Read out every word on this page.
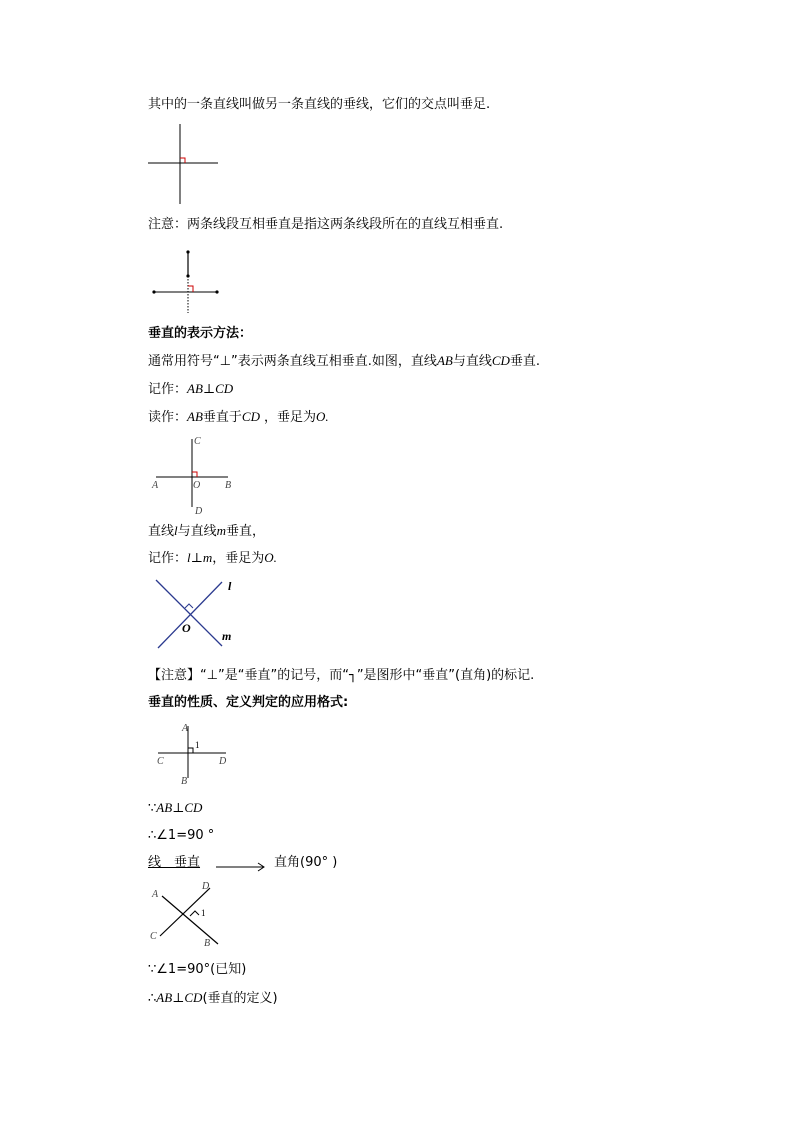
其中的一条直线叫做另一条直线的垂线，它们的交点叫垂足.
注意：两条线段互相垂直是指这两条线段所在的直线互相垂直.
垂直的表示方法：
通常用符号“⊥”表示两条直线互相垂直.如图，直线AB与直线CD垂直.
记作：AB⊥CD
读作：AB垂直于CD ，垂足为O.
C
A	O B
D
直线l与直线m垂直，
记作：l⊥m，垂足为O.
l
O
m
【注意】“⊥”是“垂直”的记号，而“┐”是图形中“垂直”(直角)的标记.
垂直的性质、定义判定的应用格式:
A
1
C	D
B
∵AB⊥CD
∴∠1=90 °
线　垂直	直角(90° )
A
D
1
C
B
∵∠1=90°(已知)
∴AB⊥CD(垂直的定义)
